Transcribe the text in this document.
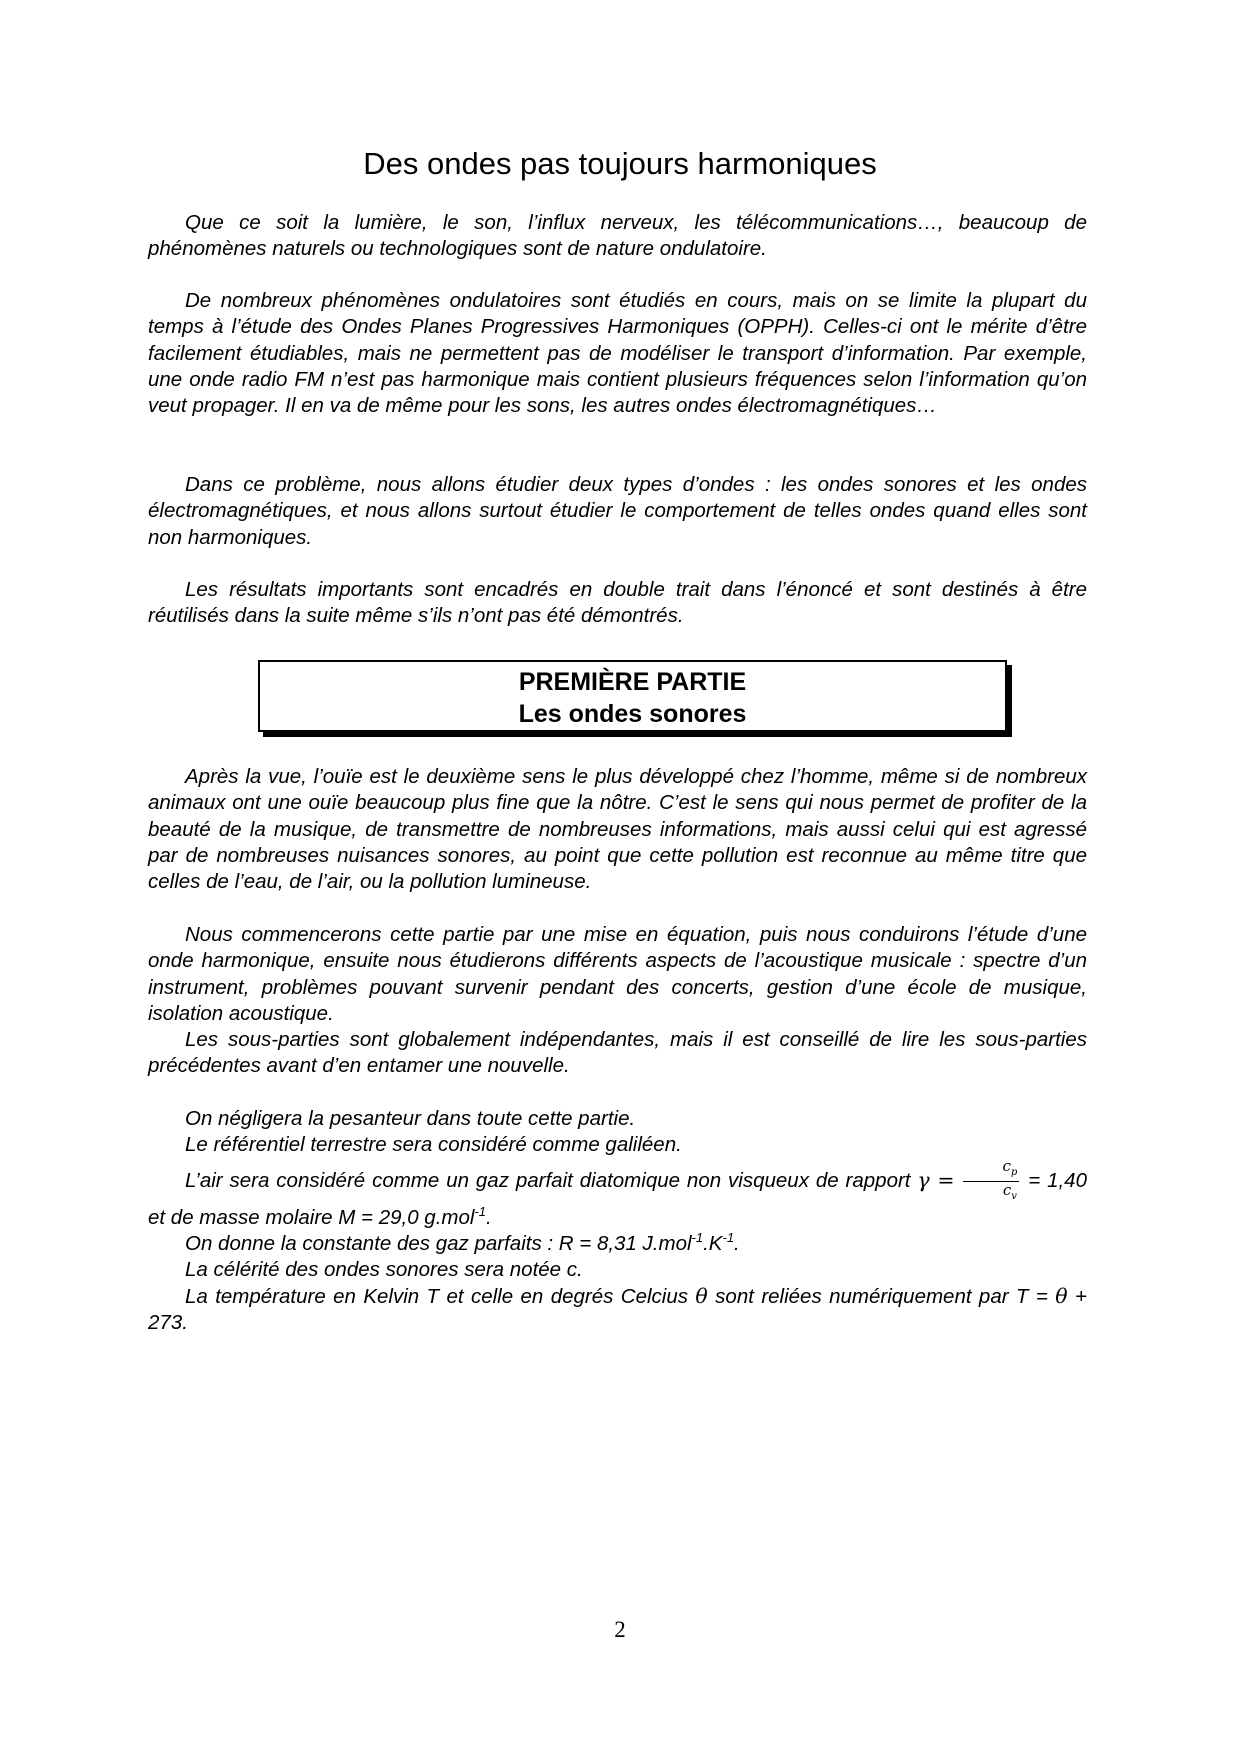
Des ondes pas toujours harmoniques

Que ce soit la lumière, le son, l’influx nerveux, les télécommunications…, beaucoup de phénomènes naturels ou technologiques sont de nature ondulatoire.

De nombreux phénomènes ondulatoires sont étudiés en cours, mais on se limite la plupart du temps à l’étude des Ondes Planes Progressives Harmoniques (OPPH). Celles-ci ont le mérite d’être facilement étudiables, mais ne permettent pas de modéliser le transport d’information. Par exemple, une onde radio FM n’est pas harmonique mais contient plusieurs fréquences selon l’information qu’on veut propager. Il en va de même pour les sons, les autres ondes électromagnétiques…

Dans ce problème, nous allons étudier deux types d’ondes : les ondes sonores et les ondes électromagnétiques, et nous allons surtout étudier le comportement de telles ondes quand elles sont non harmoniques.

Les résultats importants sont encadrés en double trait dans l’énoncé et sont destinés à être réutilisés dans la suite même s’ils n’ont pas été démontrés.

PREMIÈRE PARTIE
Les ondes sonores

Après la vue, l’ouïe est le deuxième sens le plus développé chez l’homme, même si de nombreux animaux ont une ouïe beaucoup plus fine que la nôtre. C’est le sens qui nous permet de profiter de la beauté de la musique, de transmettre de nombreuses informations, mais aussi celui qui est agressé par de nombreuses nuisances sonores, au point que cette pollution est reconnue au même titre que celles de l’eau, de l’air, ou la pollution lumineuse.

Nous commencerons cette partie par une mise en équation, puis nous conduirons l’étude d’une onde harmonique, ensuite nous étudierons différents aspects de l’acoustique musicale : spectre d’un instrument, problèmes pouvant survenir pendant des concerts, gestion d’une école de musique, isolation acoustique.

Les sous-parties sont globalement indépendantes, mais il est conseillé de lire les sous-parties précédentes avant d’en entamer une nouvelle.

On négligera la pesanteur dans toute cette partie.

Le référentiel terrestre sera considéré comme galiléen.

L’air sera considéré comme un gaz parfait diatomique non visqueux de rapport $\gamma = \frac{c_p}{c_v} = 1,40$ et de masse molaire M = 29,0 g.mol$^{-1}$.

On donne la constante des gaz parfaits : R = 8,31 $J.mol^{-1}.K^{-1}$.

La célérité des ondes sonores sera notée c.

La température en Kelvin T et celle en degrés Celcius θ sont reliées numériquement par T = θ + 273.

2
